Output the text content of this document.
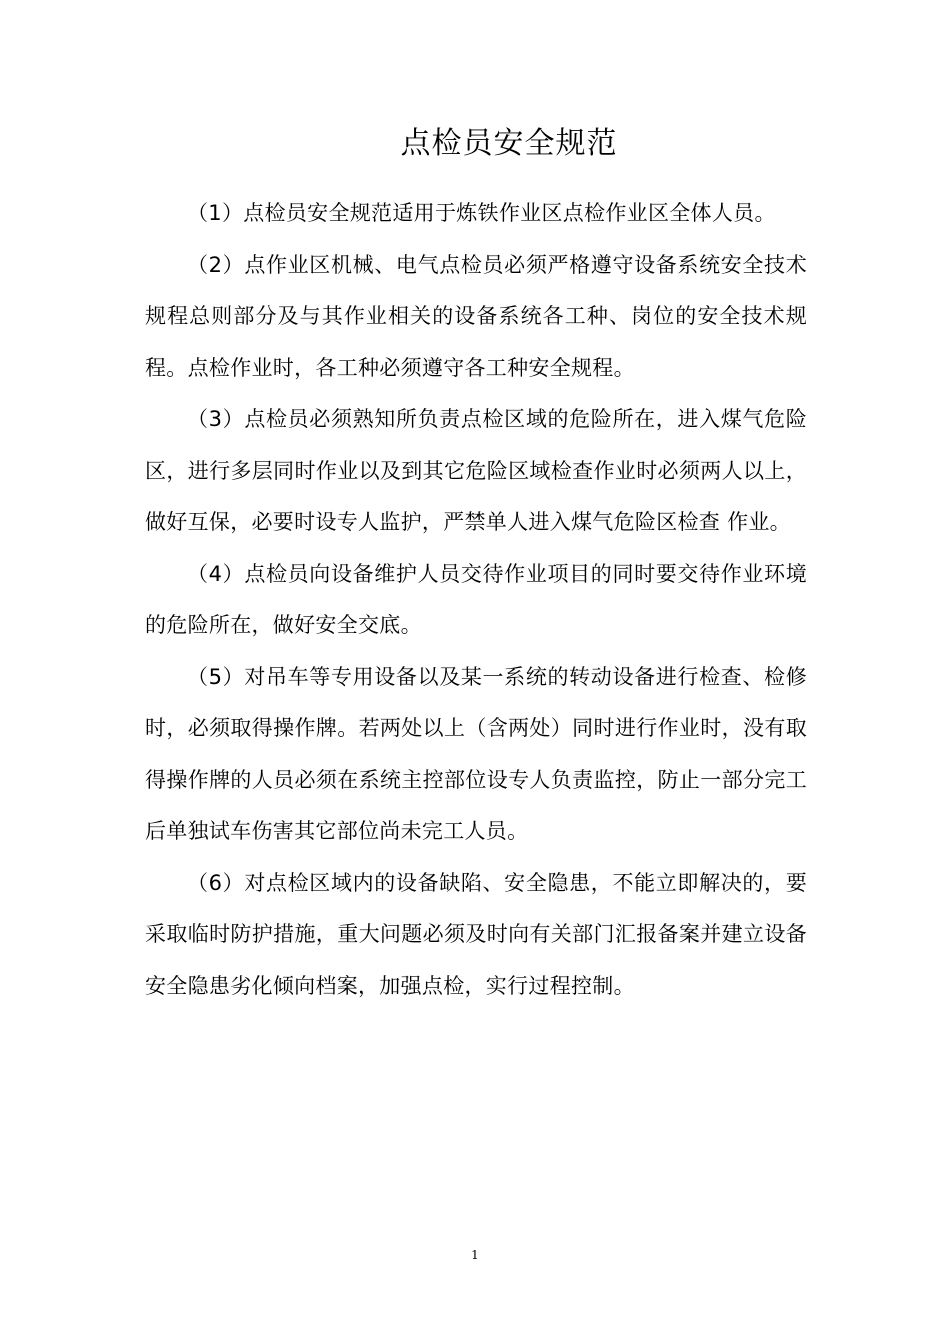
点检员安全规范

（1）点检员安全规范适用于炼铁作业区点检作业区全体人员。

（2）点作业区机械、电气点检员必须严格遵守设备系统安全技术规程总则部分及与其作业相关的设备系统各工种、岗位的安全技术规程。点检作业时，各工种必须遵守各工种安全规程。

（3）点检员必须熟知所负责点检区域的危险所在，进入煤气危险区，进行多层同时作业以及到其它危险区域检查作业时必须两人以上，做好互保，必要时设专人监护，严禁单人进入煤气危险区检查 作业。

（4）点检员向设备维护人员交待作业项目的同时要交待作业环境的危险所在，做好安全交底。

（5）对吊车等专用设备以及某一系统的转动设备进行检查、检修时，必须取得操作牌。若两处以上（含两处）同时进行作业时，没有取得操作牌的人员必须在系统主控部位设专人负责监控，防止一部分完工后单独试车伤害其它部位尚未完工人员。

（6）对点检区域内的设备缺陷、安全隐患，不能立即解决的，要采取临时防护措施，重大问题必须及时向有关部门汇报备案并建立设备安全隐患劣化倾向档案，加强点检，实行过程控制。

1
